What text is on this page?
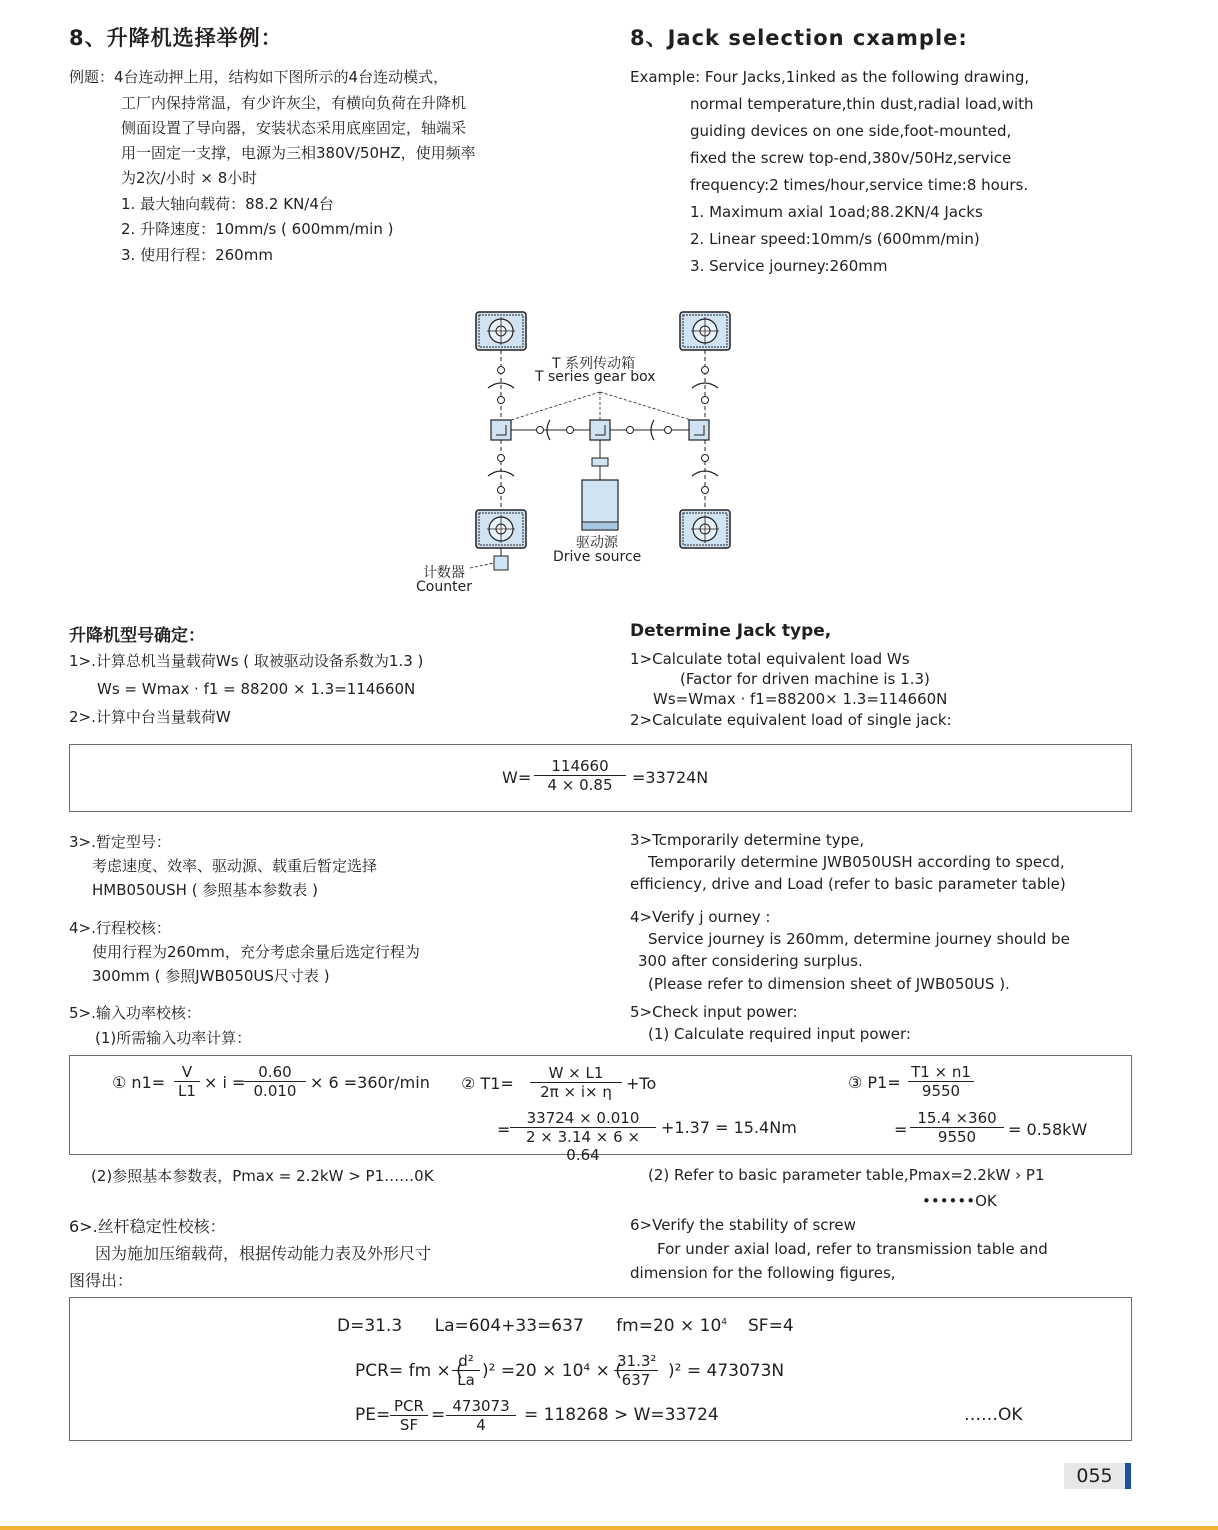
8、升降机选择举例：	8、Jack selection cxample:
例题：4台连动押上用，结构如下图所示的4台连动模式，
工厂内保持常温，有少许灰尘，有横向负荷在升降机
侧面设置了导向器，安装状态采用底座固定，轴端采
用一固定一支撑，电源为三相380V/50HZ，使用频率
为2次/小时 × 8小时
1. 最大轴向载荷：88.2 KN/4台
2. 升降速度：10mm/s ( 600mm/min )
3. 使用行程：260mm
Example: Four Jacks,1inked as the following drawing,
normal temperature,thin dust,radial load,with
guiding devices on one side,foot-mounted,
fixed the screw top-end,380v/50Hz,service
frequency:2 times/hour,service time:8 hours.
1. Maximum axial 1oad;88.2KN/4 Jacks
2. Linear speed:10mm/s (600mm/min)
3. Service journey:260mm
T 系列传动箱
T series gear box
驱动源
Drive source
计数器
Counter
升降机型号确定：	Determine Jack type,
1>.计算总机当量载荷Ws ( 取被驱动设备系数为1.3 )
Ws = Wmax · f1 = 88200 × 1.3=114660N
2>.计算中台当量载荷W
1>Calculate total equivalent load Ws
(Factor for driven machine is 1.3)
Ws=Wmax · f1=88200× 1.3=114660N
2>Calculate equivalent load of single jack:
$W= \frac{114660}{4 \times 0.85} =33724N$
3>.暂定型号：
考虑速度、效率、驱动源、载重后暂定选择
HMB050USH ( 参照基本参数表 )
3>Tcmporarily determine type,
Temporarily determine JWB050USH according to specd,
efficiency, drive and Load (refer to basic parameter table)
4>.行程校核：
使用行程为260mm，充分考虑余量后选定行程为
300mm ( 参照JWB050US尺寸表 )
4>Verify j ourney :
Service journey is 260mm, determine journey should be
300 after considering surplus.
(Please refer to dimension sheet of JWB050US ).
5>.输入功率校核：
(1)所需输入功率计算：
5>Check input power:
(1) Calculate required input power:
① $n1= \frac{V}{L1} \times i$ =
$\frac{0.60}{0.010} \times 6 =360r/\min$ ② $T1= \frac{W \times L1}{2\pi \times i\times \eta} +To$
= $\frac{33724 \times 0.010}{2 \times 3.14 \times 6 \times 0.64} +1.37 = 15.4Nm$
③ $P1= \frac{T1 \times n1}{9550}$
= $\frac{15.4 \times 360}{9550} = 0.58kW$
(2)参照基本参数表，Pmax = 2.2kW > P1……0K	(2) Refer to basic parameter table,Pmax=2.2kW › P1
••••••OK
6>.丝杆稳定性校核：
因为施加压缩载荷，根据传动能力表及外形尺寸
图得出：
6>Verify the stability of screw
For under axial load, refer to transmission table and
dimension for the following figures,
D=31.3      La=604+33=637      $fm=20 \times 10^4$ SF=4
PCR= fm × (
$\frac{\text{d²}}{La} )^2 =20 \times 10^4$ × (
$\frac{\text{31.3²}}{637} )^2 = 473073N$
PE= PCR
SF = $\frac{473073}{4} = 118268 > W=33724$	……OK
055
